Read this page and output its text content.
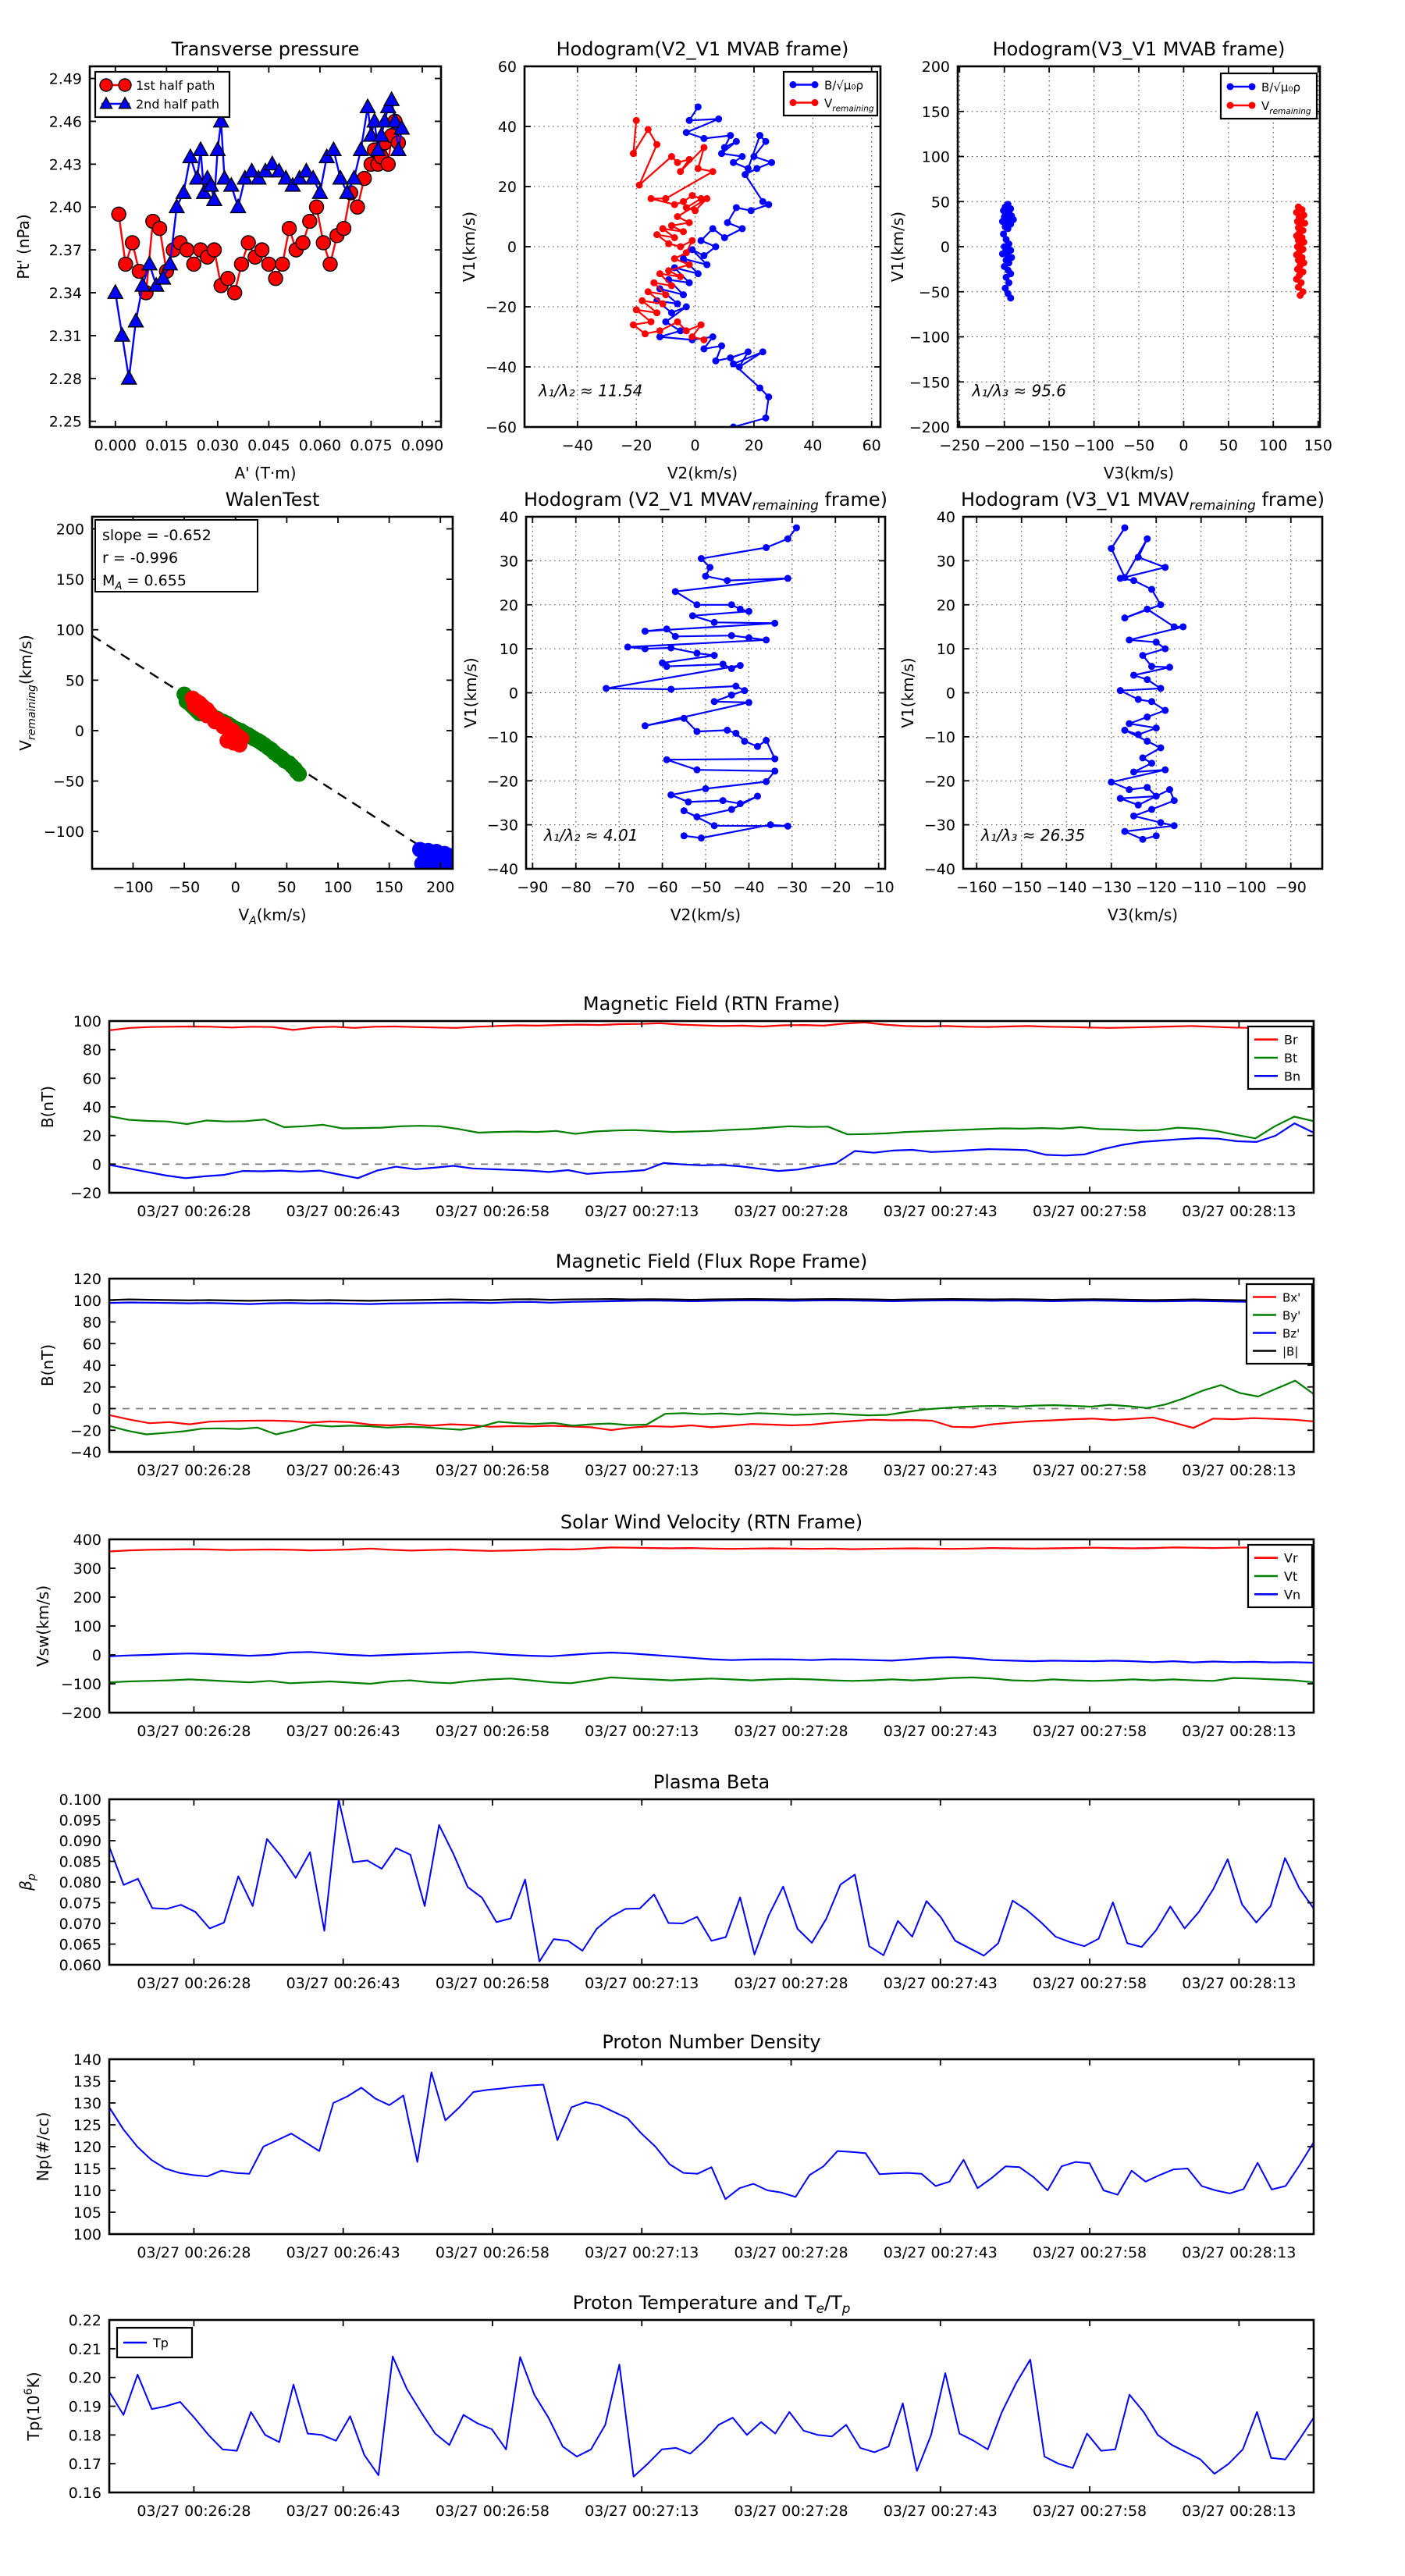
0.000 0.015 0.030 0.045 0.060 0.075 0.090
2.25
2.28
2.31
2.34
2.37
2.40
2.43
2.46
2.49
Transverse pressure
A' (T·m)
Pt' (nPa)
1st half path
2nd half path
−40 −20	0	20	40	60
−60
−40
−20
0
20
40
60
Hodogram(V2_V1 MVAB frame)
V2(km/s)
V1(km/s)
λ₁/λ₂ ≈ 11.54
B/√μ₀ρ
$V_{remaining}$
−250 −200 −150 −100 −50 0 50 100 150
−200
−150
−100
−50
0
50
100
150
200
Hodogram(V3_V1 MVAB frame)
V3(km/s)
V1(km/s)
λ₁/λ₃ ≈ 95.6
B/√μ₀ρ
$V_{remaining}$
−100 −50 0 50 100 150 200
−100
−50
0
50
100
150
200
WalenTest
$V_A(km/s)$
$V_{remaining}(km/s)$
slope = -0.652
r = -0.996
$M_A = 0.655$
−90 −80 −70 −60 −50 −40 −30 −20 −10
−40
−30
−20
−10
0
10
20
30
40
Hodogram (V2_V1 $MVAV_{remaining}$ frame)
V2(km/s)
V1(km/s)
λ₁/λ₂ ≈ 4.01
−160 −150 −140 −130 −120 −110 −100 −90
−40
−30
−20
−10
0
10
20
30
40
Hodogram (V3_V1 $MVAV_{remaining}$ frame)
V3(km/s)
V1(km/s)
λ₁/λ₃ ≈ 26.35
03/27 00:26:28 03/27 00:26:43 03/27 00:26:58 03/27 00:27:13 03/27 00:27:28 03/27 00:27:43 03/27 00:27:58 03/27 00:28:13
−20
0
20
40
60
80
100
Magnetic Field (RTN Frame)
B(nT)
Br
Bt
Bn
03/27 00:26:28 03/27 00:26:43 03/27 00:26:58 03/27 00:27:13 03/27 00:27:28 03/27 00:27:43 03/27 00:27:58 03/27 00:28:13
−40
−20
0
20
40
60
80
100
120
Magnetic Field (Flux Rope Frame)
B(nT)
Bx'
By'
Bz'
|B|
03/27 00:26:28 03/27 00:26:43 03/27 00:26:58 03/27 00:27:13 03/27 00:27:28 03/27 00:27:43 03/27 00:27:58 03/27 00:28:13
−200
−100
0
100
200
300
400
Solar Wind Velocity (RTN Frame)
Vsw(km/s)
Vr
Vt
Vn
03/27 00:26:28 03/27 00:26:43 03/27 00:26:58 03/27 00:27:13 03/27 00:27:28 03/27 00:27:43 03/27 00:27:58 03/27 00:28:13
0.060
0.065
0.070
0.075
0.080
0.085
0.090
0.095
0.100
Plasma Beta
$\beta_p$
03/27 00:26:28 03/27 00:26:43 03/27 00:26:58 03/27 00:27:13 03/27 00:27:28 03/27 00:27:43 03/27 00:27:58 03/27 00:28:13
100
105
110
115
120
125
130
135
140
Proton Number Density
Np(#/cc)
03/27 00:26:28 03/27 00:26:43 03/27 00:26:58 03/27 00:27:13 03/27 00:27:28 03/27 00:27:43 03/27 00:27:58 03/27 00:28:13
0.16
0.17
0.18
0.19
0.20
0.21
0.22
Proton Temperature and $T_e/T_p$
$Tp(10^6K)$
Tp
